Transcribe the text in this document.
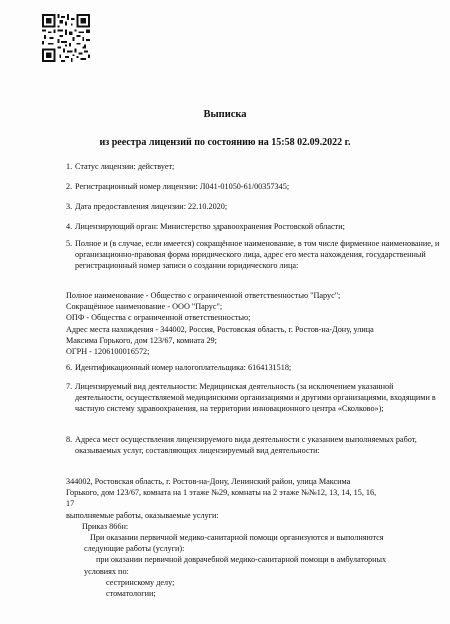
Выписка
из реестра лицензий по состоянию на 15:58 02.09.2022 г.
1. Статус лицензии: действует;
2. Регистрационный номер лицензии: Л041-01050-61/00357345;
3. Дата предоставления лицензии: 22.10.2020;
4. Лицензирующий орган: Министерство здравоохранения Ростовской области;
5. Полное и (в случае, если имеется) сокращённое наименование, в том числе фирменное наименование, и организационно-правовая форма юридического лица, адрес его места нахождения, государственный регистрационный номер записи о создании юридического лица:
Полное наименование - Общество с ограниченной ответственностью "Парус";
Сокращённое наименование - ООО "Парус";
ОПФ - Общества с ограниченной ответственностью;
Адрес места нахождения - 344002, Россия, Ростовская область, г. Ростов-на-Дону, улица
Максима Горького, дом 123/67, комната 29;
ОГРН - 1206100016572;
6. Идентификационный номер налогоплательщика: 6164131518;
7. Лицензируемый вид деятельности: Медицинская деятельность (за исключением указанной деятельности, осуществляемой медицинскими организациями и другими организациями, входящими в частную систему здравоохранения, на территории инновационного центра «Сколково»);
8. Адреса мест осуществления лицензируемого вида деятельности с указанием выполняемых работ, оказываемых услуг, составляющих лицензируемый вид деятельности:
344002, Ростовская область, г. Ростов-на-Дону, Ленинский район, улица Максима
Горького, дом 123/67, комната на 1 этаже №29, комнаты на 2 этаже №№12, 13, 14, 15, 16,
17
выполняемые работы, оказываемые услуги:
Приказ 866н:
При оказании первичной медико-санитарной помощи организуются и выполняются
следующие работы (услуги):
при оказании первичной доврачебной медико-санитарной помощи в амбулаторных
условиях по:
сестринскому делу;
стоматологии;
